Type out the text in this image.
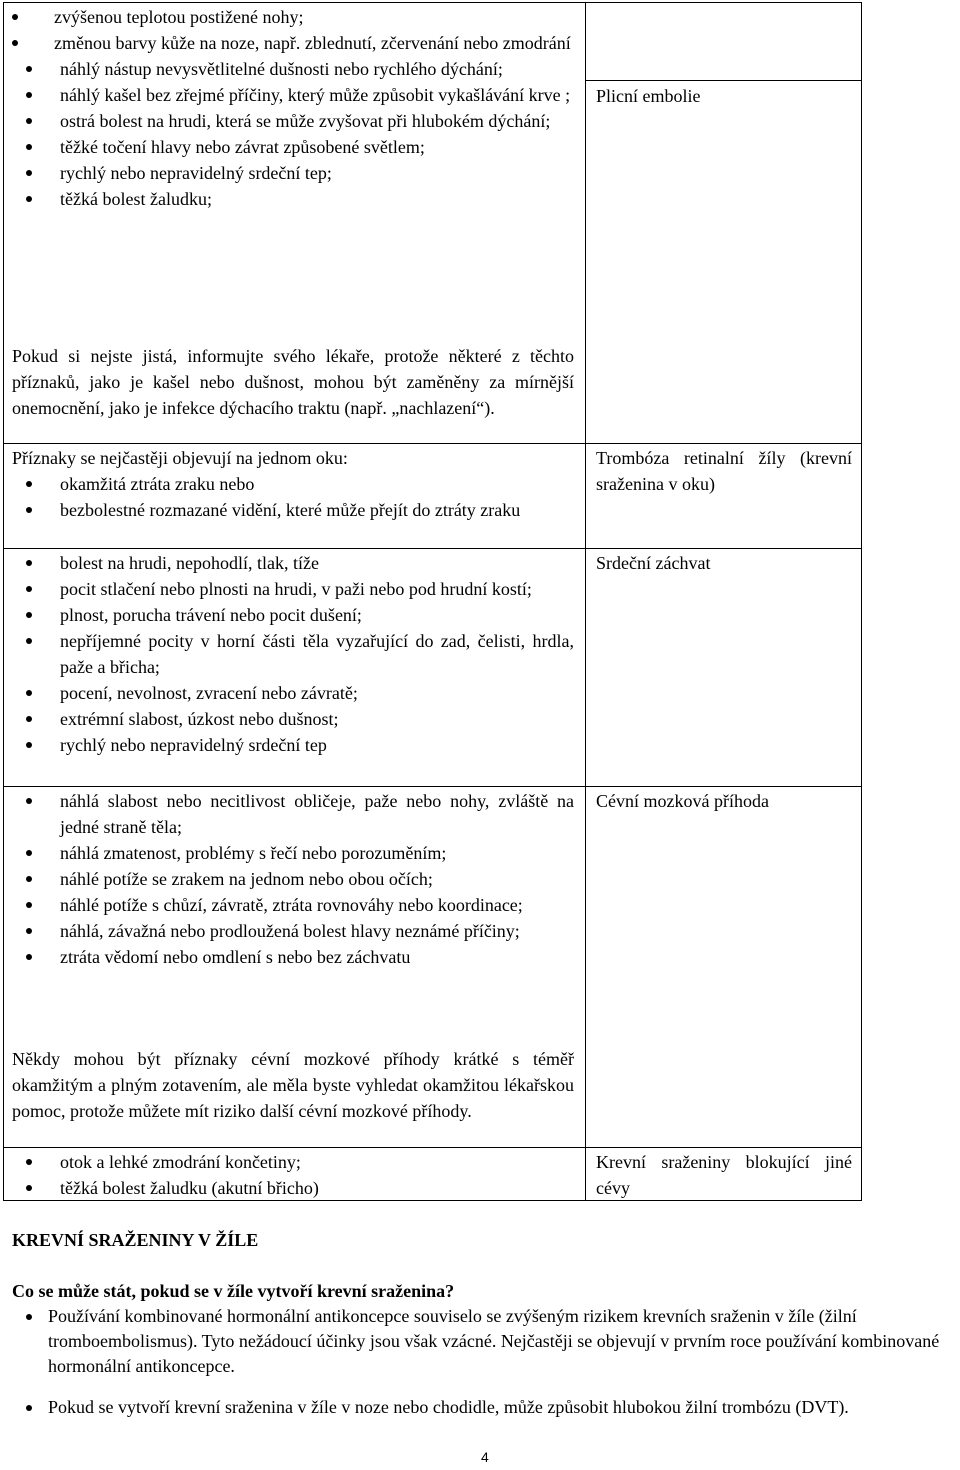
zvýšenou teplotou postižené nohy;
změnou barvy kůže na noze, např. zblednutí, zčervenání nebo zmodrání
náhlý nástup nevysvětlitelné dušnosti nebo rychlého dýchání;
náhlý kašel bez zřejmé příčiny, který může způsobit vykašlávání krve ;
ostrá bolest na hrudi, která se může zvyšovat při hlubokém dýchání;
těžké točení hlavy nebo závrat způsobené světlem;
rychlý nebo nepravidelný srdeční tep;
těžká bolest žaludku;

Pokud si nejste jistá, informujte svého lékaře, protože některé z těchto příznaků, jako je kašel nebo dušnost, mohou být zaměněny za mírnější onemocnění, jako je infekce dýchacího traktu (např. „nachlazení“).

Plicní embolie

Příznaky se nejčastěji objevují na jednom oku:

okamžitá ztráta zraku nebo
bezbolestné rozmazané vidění, které může přejít do ztráty zraku
Trombóza retinalní žíly (krevní sraženina v oku)
bolest na hrudi, nepohodlí, tlak, tíže
pocit stlačení nebo plnosti na hrudi, v paži nebo pod hrudní kostí;
plnost, porucha trávení nebo pocit dušení;
nepříjemné pocity v horní části těla vyzařující do zad, čelisti, hrdla, paže a břicha;
pocení, nevolnost, zvracení nebo závratě;
extrémní slabost, úzkost nebo dušnost;
rychlý nebo nepravidelný srdeční tep
Srdeční záchvat
náhlá slabost nebo necitlivost obličeje, paže nebo nohy, zvláště na jedné straně těla;
náhlá zmatenost, problémy s řečí nebo porozuměním;
náhlé potíže se zrakem na jednom nebo obou očích;
náhlé potíže s chůzí, závratě, ztráta rovnováhy nebo koordinace;
náhlá, závažná nebo prodloužená bolest hlavy neznámé příčiny;
ztráta vědomí nebo omdlení s nebo bez záchvatu

Někdy mohou být příznaky cévní mozkové příhody krátké s téměř okamžitým a plným zotavením, ale měla byste vyhledat okamžitou lékařskou pomoc, protože můžete mít riziko další cévní mozkové příhody.

Cévní mozková příhoda
otok a lehké zmodrání končetiny;
těžká bolest žaludku (akutní břicho)
Krevní sraženiny blokující jiné cévy
KREVNÍ SRAŽENINY V ŽÍLE
Co se může stát, pokud se v žíle vytvoří krevní sraženina?
Používání kombinované hormonální antikoncepce souviselo se zvýšeným rizikem krevních sraženin v žíle (žilní tromboembolismus). Tyto nežádoucí účinky jsou však vzácné. Nejčastěji se objevují v prvním roce používání kombinované hormonální antikoncepce.
Pokud se vytvoří krevní sraženina v žíle v noze nebo chodidle, může způsobit hlubokou žilní trombózu (DVT).
4
